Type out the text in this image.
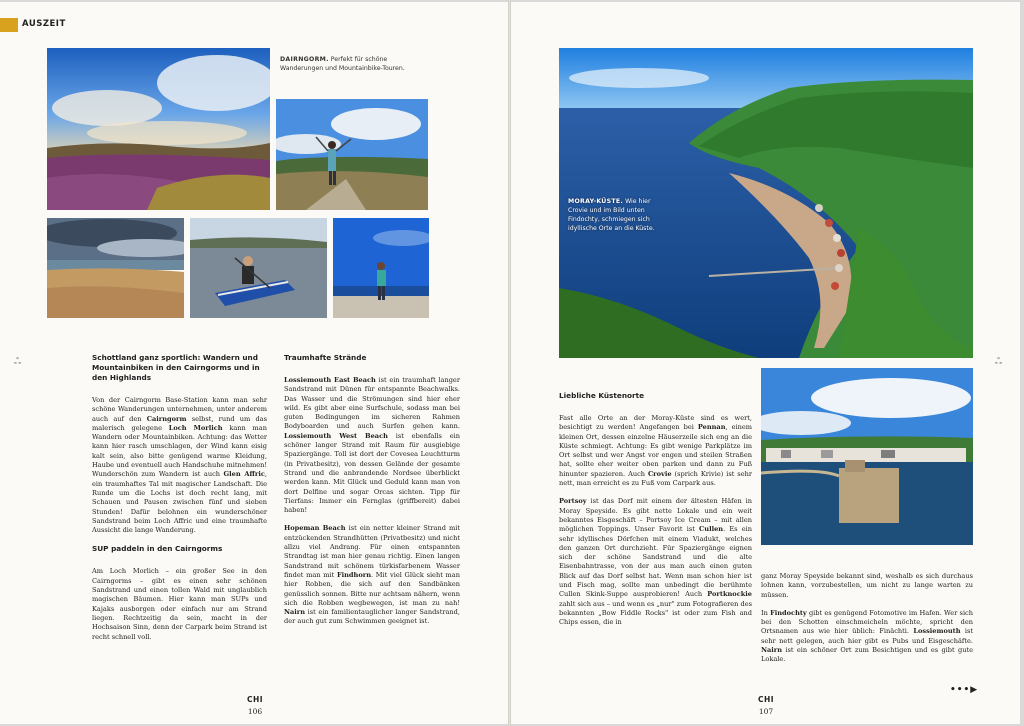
AUSZEIT
DAIRNGORM. Perfekt für schöne Wanderungen und Mountainbike-Touren.
Schottland ganz sportlich: Wandern und Mountainbiken in den Cairngorms und in den Highlands

Von der Cairngorm Base-Station kann man sehr schöne Wanderungen unternehmen, unter anderem auch auf den Cairngorm selbst, rund um das malerisch gelegene Loch Morlich kann man Wandern oder Mountainbiken. Achtung: das Wetter kann hier rasch umschlagen, der Wind kann eisig kalt sein, also bitte genügend warme Kleidung, Haube und eventuell auch Handschuhe mitnehmen! Wunderschön zum Wandern ist auch Glen Affric, ein traumhaftes Tal mit magischer Landschaft. Die Runde um die Lochs ist doch recht lang, mit Schauen und Pausen zwischen fünf und sieben Stunden! Dafür belohnen ein wunderschöner Sandstrand beim Loch Affric und eine traumhafte Aussicht die lange Wanderung.

SUP paddeln in den Cairngorms

Am Loch Morlich – ein großer See in den Cairngorms – gibt es einen sehr schönen Sandstrand und einen tollen Wald mit unglaublich magischen Bäumen. Hier kann man SUPs und Kajaks ausborgen oder einfach nur am Strand liegen. Rechtzeitig da sein, macht in der Hochsaison Sinn, denn der Carpark beim Strand ist recht schnell voll.

Traumhafte Strände

Lossiemouth East Beach ist ein traumhaft langer Sandstrand mit Dünen für entspannte Beachwalks. Das Wasser und die Strömungen sind hier eher wild. Es gibt aber eine Surfschule, sodass man bei guten Bedingungen im sicheren Rahmen Bodyboarden und auch Surfen gehen kann. Lossiemouth West Beach ist ebenfalls ein schöner langer Strand mit Raum für ausgiebige Spaziergänge. Toll ist dort der Covesea Leuchtturm (in Privatbesitz), von dessen Gelände der gesamte Strand und die anbrandende Nordsee überblickt werden kann. Mit Glück und Geduld kann man von dort Delfine und sogar Orcas sichten. Tipp für Tierfans: Immer ein Fernglas (griffbereit) dabei haben!

Hopeman Beach ist ein netter kleiner Strand mit entzückenden Strandhütten (Privatbesitz) und nicht allzu viel Andrang. Für einen entspannten Strandtag ist man hier genau richtig. Einen langen Sandstrand mit schönem türkisfarbenem Wasser findet man mit Findhorn. Mit viel Glück sieht man hier Robben, die sich auf den Sandbänken genüsslich sonnen. Bitte nur achtsam nähern, wenn sich die Robben wegbewegen, ist man zu nah! Nairn ist ein familientauglicher langer Sandstrand, der auch gut zum Schwimmen geeignet ist.

ஃ	ஃ
CHI
106
MORAY-KÜSTE. Wie hier Crovie und im Bild unten Findochty, schmiegen sich idyllische Orte an die Küste.
Liebliche Küstenorte

Fast alle Orte an der Moray-Küste sind es wert, besichtigt zu werden! Angefangen bei Pennan, einem kleinen Ort, dessen einzelne Häuserzeile sich eng an die Küste schmiegt. Achtung: Es gibt wenige Parkplätze im Ort selbst und wer Angst vor engen und steilen Straßen hat, sollte eher weiter oben parken und dann zu Fuß hinunter spazieren. Auch Crovie (sprich Krivie) ist sehr nett, man erreicht es zu Fuß vom Carpark aus.

Portsoy ist das Dorf mit einem der ältesten Häfen in Moray Speyside. Es gibt nette Lokale und ein weit bekanntes Eisgeschäft – Portsoy Ice Cream – mit allen möglichen Toppings. Unser Favorit ist Cullen. Es ein sehr idyllisches Dörfchen mit einem Viadukt, welches den ganzen Ort durchzieht. Für Spaziergänge eignen sich der schöne Sandstrand und die alte Eisenbahntrasse, von der aus man auch einen guten Blick auf das Dorf selbst hat. Wenn man schon hier ist und Fisch mag, sollte man unbedingt die berühmte Cullen Skink-Suppe ausprobieren! Auch Portknockie zahlt sich aus – und wenn es „nur" zum Fotografieren des bekannten „Bow Fiddle Rocks" ist oder zum Fish and Chips essen, die in

ganz Moray Speyside bekannt sind, weshalb es sich durchaus lohnen kann, vorzubestellen, um nicht zu lange warten zu müssen.

In Findochty gibt es genügend Fotomotive im Hafen. Wer sich bei den Schotten einschmeicheln möchte, spricht den Ortsnamen aus wie hier üblich: Finächti. Lossiemouth ist sehr nett gelegen, auch hier gibt es Pubs und Eisgeschäfte. Nairn ist ein schöner Ort zum Besichtigen und es gibt gute Lokale.

•••▶
CHI
107
